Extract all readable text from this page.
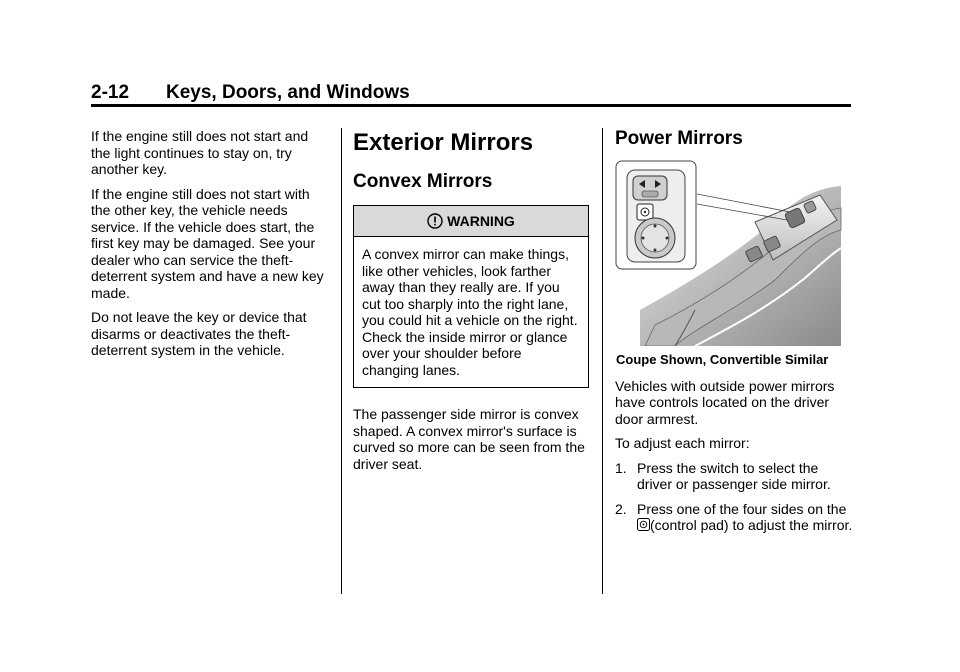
2-12 Keys, Doors, and Windows

If the engine still does not start and the light continues to stay on, try another key.

If the engine still does not start with the other key, the vehicle needs service. If the vehicle does start, the first key may be damaged. See your dealer who can service the theft-deterrent system and have a new key made.

Do not leave the key or device that disarms or deactivates the theft-deterrent system in the vehicle.

Exterior Mirrors
Convex Mirrors
WARNING
A convex mirror can make things, like other vehicles, look farther away than they really are. If you cut too sharply into the right lane, you could hit a vehicle on the right. Check the inside mirror or glance over your shoulder before changing lanes.

The passenger side mirror is convex shaped. A convex mirror's surface is curved so more can be seen from the driver seat.

Power Mirrors
Coupe Shown, Convertible Similar

Vehicles with outside power mirrors have controls located on the driver door armrest.

To adjust each mirror:

1. Press the switch to select the driver or passenger side mirror.
2. Press one of the four sides on the (control pad) to adjust the mirror.
